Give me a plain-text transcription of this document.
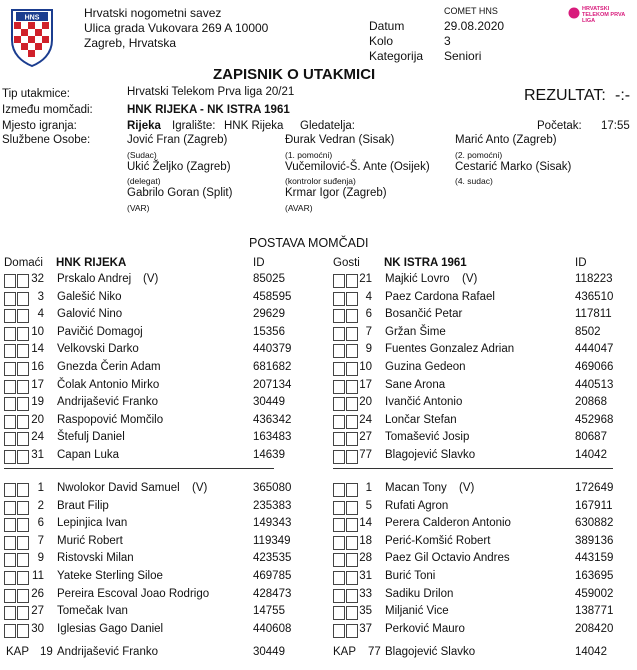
HNS	Hrvatski nogometni savez
Ulica grada Vukovara 269 A 10000
Zagreb, Hrvatska
COMET HNS
Datum	29.08.2020
Kolo	3
Kategorija Seniori
HRVATSKI TELEKOM PRVA LIGA
ZAPISNIK O UTAKMICI
REZULTAT: -:-
Tip utakmice:	Hrvatski Telekom Prva liga 20/21
Između momčadi:	HNK RIJEKA - NK ISTRA 1961
Mjesto igranja:	Rijeka Igralište: HNK Rijeka Gledatelja:	Početak: 17:55
Službene Osobe:	Jović Fran (Zagreb)
(Sudac)
Đurak Vedran (Sisak)
(1. pomoćni)
Marić Anto (Zagreb)
(2. pomoćni)
Ukić Željko (Zagreb)
(delegat)
Vučemilović-Š. Ante (Osijek)
(kontrolor suđenja)
Cestarić Marko (Sisak)
(4. sudac)
Gabrilo Goran (Split)
(VAR)
Krmar Igor (Zagreb)
(AVAR)
POSTAVA MOMČADI
Domaći HNK RIJEKA	ID	Gosti NK ISTRA 1961	ID
32 Prskalo Andrej (V)	85025
3 Galešić Niko	458595
4 Galović Nino	29629
10 Pavičić Domagoj	15356
14 Velkovski Darko	440379
16 Gnezda Čerin Adam	681682
17 Čolak Antonio Mirko	207134
19 Andrijašević Franko	30449
20 Raspopović Momčilo	436342
24 Štefulj Daniel	163483
31 Capan Luka	14639
1 Nwolokor David Samuel (V)	365080
2 Braut Filip	235383
6 Lepinjica Ivan	149343
7 Murić Robert	119349
9 Ristovski Milan	423535
11 Yateke Sterling Siloe	469785
26 Pereira Escoval Joao Rodrigo	428473
27 Tomečak Ivan	14755
30 Iglesias Gago Daniel	440608
21 Majkić Lovro (V)	118223
4 Paez Cardona Rafael	436510
6 Bosančić Petar	117811
7 Gržan Šime	8502
9 Fuentes Gonzalez Adrian	444047
10 Guzina Gedeon	469066
17 Sane Arona	440513
20 Ivančić Antonio	20868
24 Lončar Stefan	452968
27 Tomašević Josip	80687
77 Blagojević Slavko	14042
1 Macan Tony (V)	172649
5 Rufati Agron	167911
14 Perera Calderon Antonio	630882
18 Perić-Komšić Robert	389136
28 Paez Gil Octavio Andres	443159
31 Burić Toni	163695
33 Sadiku Drilon	459002
35 Miljanić Vice	138771
37 Perković Mauro	208420
KAP 19 Andrijašević Franko	30449	KAP 77 Blagojević Slavko	14042
